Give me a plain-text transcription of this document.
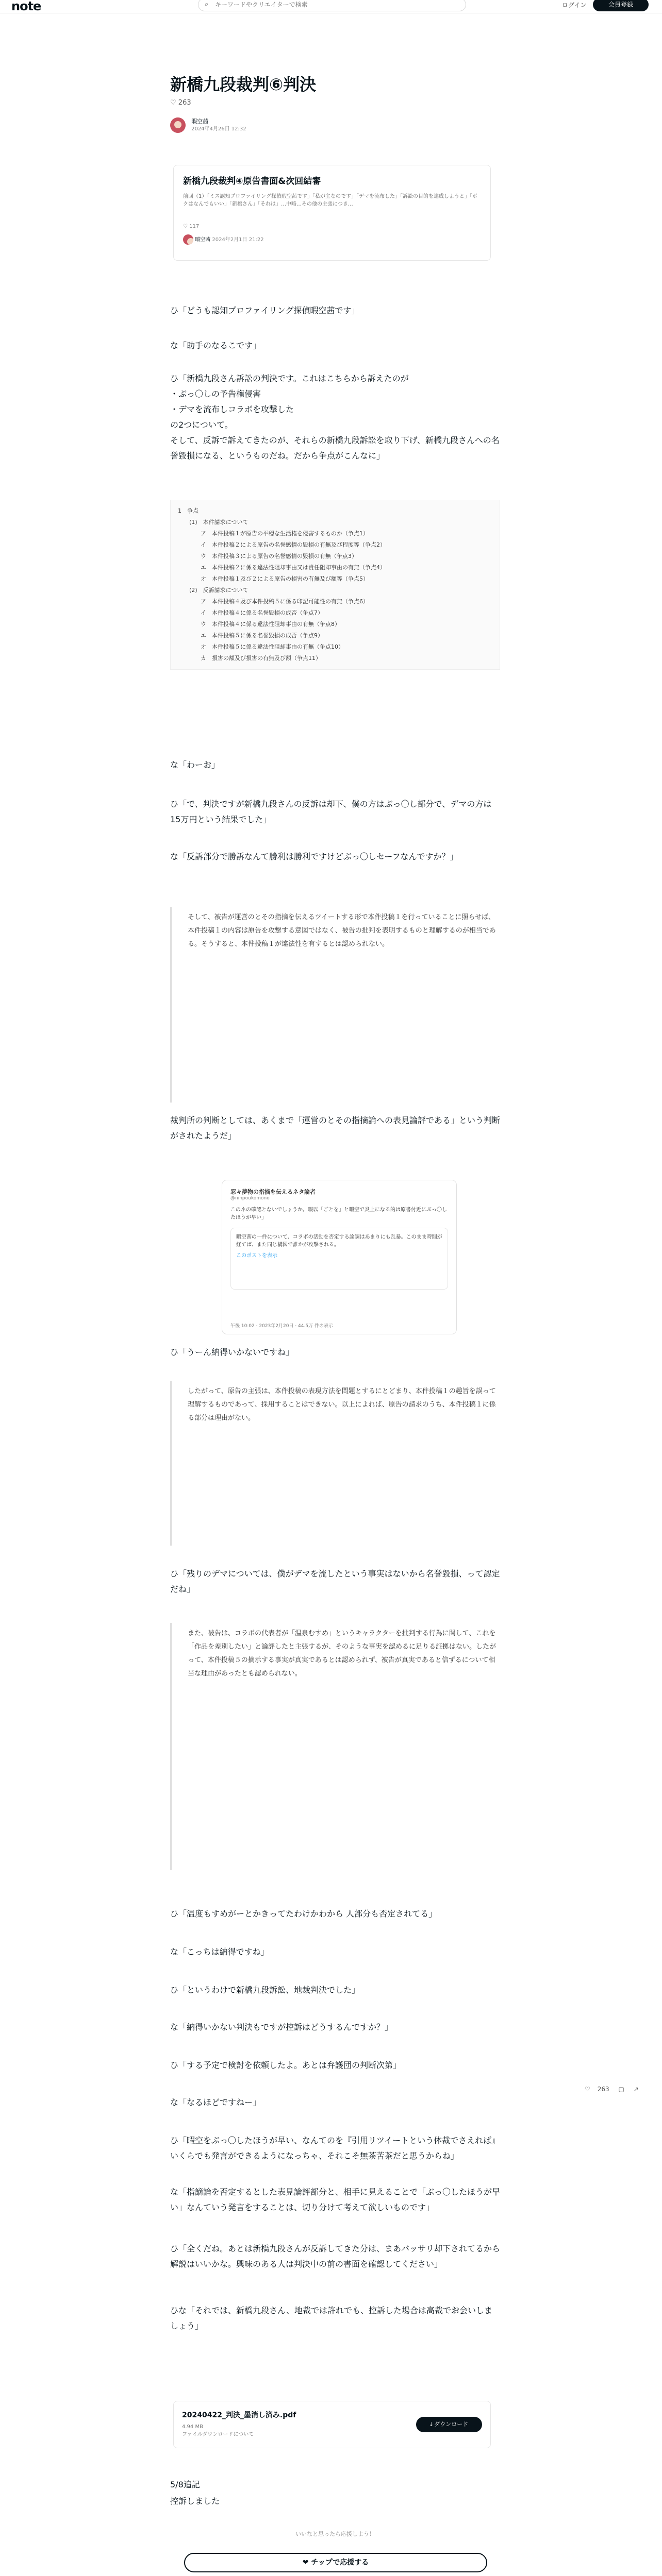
note	⌕
キーワードやクリエイターで検索	ログイン	会員登録
新橋九段裁判⑥判決
♡ 263
暇空茜
2024年4月26日 12:32
新橋九段裁判④原告書面&次回結審

前回（1）「ミス認知プロファイリング探偵暇空茜です」「私が主なのです」「デマを流布した」「訴訟の目的を達成しようと」「ボクはなんでもいい」「新橋さん」「それは」…中略…その他の主張につき…

♡ 117
暇空茜 2024年2月1日 21:22
ひ「どうも認知プロファイリング探偵暇空茜です」
な「助手のなるこです」
ひ「新橋九段さん訴訟の判決です。これはこちらから訴えたのが
・ぶっ〇しの予告権侵害
・デマを流布しコラボを攻撃した
の2つについて。
そして、反訴で訴えてきたのが、それらの新橋九段訴訟を取り下げ、新橋九段さんへの名誉毀損になる、というものだね。だから争点がこんなに」
1　争点
(1)　本件請求について
ア　本件投稿１が原告の平穏な生活権を侵害するものか（争点1）
イ　本件投稿２による原告の名誉感情の毀損の有無及び程度等（争点2）
ウ　本件投稿３による原告の名誉感情の毀損の有無（争点3）
エ　本件投稿２に係る違法性阻却事由又は責任阻却事由の有無（争点4）
オ　本件投稿１及び２による原告の損害の有無及び額等（争点5）
(2)　反訴請求について
ア　本件投稿４及び本件投稿５に係る印記可能性の有無（争点6）
イ　本件投稿４に係る名誉毀損の成否（争点7）
ウ　本件投稿４に係る違法性阻却事由の有無（争点8）
エ　本件投稿５に係る名誉毀損の成否（争点9）
オ　本件投稿５に係る違法性阻却事由の有無（争点10）
カ　損害の額及び損害の有無及び額（争点11）
な「わーお」
ひ「で、判決ですが新橋九段さんの反訴は却下、僕の方はぶっ〇し部分で、デマの方は15万円という結果でした」
な「反訴部分で勝訴なんて勝利は勝利ですけどぶっ〇しセーフなんですか？」
そして、被告が運営のとその指摘を伝えるツイートする形で本件投稿１を行っていることに照らせば、本件投稿１の内容は原告を攻撃する意図ではなく、被告の批判を表明するものと理解するのが相当である。そうすると、本件投稿１が違法性を有するとは認められない。
裁判所の判断としては、あくまで「運営のとその指摘論への表見論評である」という判断がされたようだ」
忍々夢物の指摘を伝えるネタ論者
@ninpoukomono
このネの確認とないでしょうか。暇以「ごとを」と暇空で炎上になる的は原書付近にぶっ〇したほうが早い」
暇空茜の一件について、コラボの活動を否定する論調はあまりにも乱暴。このまま時間が経てば、また同じ構図で誰かが攻撃される。
このポストを表示
午後 10:02 · 2023年2月20日 · 44.5万 件の表示
ひ「うーん納得いかないですね」
したがって、原告の主張は、本件投稿の表現方法を問題とするにとどまり、本件投稿１の趣旨を誤って理解するものであって、採用することはできない。以上によれば、原告の請求のうち、本件投稿１に係る部分は理由がない。
ひ「残りのデマについては、僕がデマを流したという事実はないから名誉毀損、って認定だね」
また、被告は、コラボの代表者が「温泉むすめ」というキャラクターを批判する行為に関して、これを「作品を差別したい」と論評したと主張するが、そのような事実を認めるに足りる証拠はない。したがって、本件投稿５の摘示する事実が真実であるとは認められず、被告が真実であると信ずるについて相当な理由があったとも認められない。
ひ「温度もすめがーとかきってたわけかわから 人部分も否定されてる」
な「こっちは納得ですね」
ひ「というわけで新橋九段訴訟、地裁判決でした」
な「納得いかない判決もですが控訴はどうするんですか？」
ひ「する予定で検討を依頼したよ。あとは弁護団の判断次第」
な「なるほどですねー」
ひ「暇空をぶっ〇したほうが早い、なんてのを『引用リツイートという体裁でさえれば』いくらでも発言ができるようになっちゃ、それこそ無茶苦茶だと思うからね」
な「指謫論を否定するとした表見論評部分と、相手に見えることで「ぶっ〇したほうが早い」なんていう発言をすることは、切り分けて考えて欲しいものです」
ひ「全くだね。あとは新橋九段さんが反訴してきた分は、まあバッサリ却下されてるから解説はいいかな。興味のある人は判決中の前の書面を確認してください」
ひな「それでは、新橋九段さん、地裁では許れでも、控訴した場合は高裁でお会いしましょう」
♡ 263 ▢ ↗
20240422_判決_墨消し済み.pdf
4.94 MB
ファイルダウンロードについて
⤓ ダウンロード
5/8追記
控訴しました
いいなと思ったら応援しよう！
❤ チップで応援する
